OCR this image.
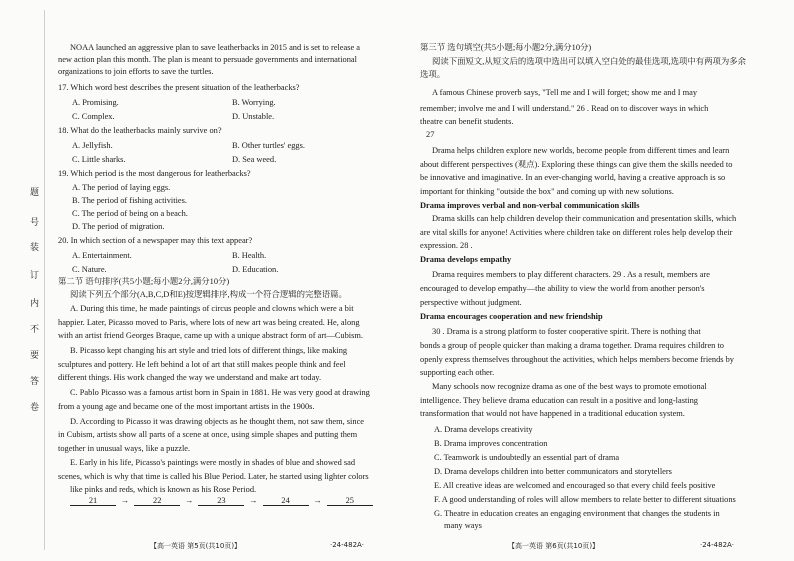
题
号
装
订
内
不
要
答
卷
NOAA launched an aggressive plan to save leatherbacks in 2015 and is set to release a
new action plan this month. The plan is meant to persuade governments and international
organizations to join efforts to save the turtles.
17. Which word best describes the present situation of the leatherbacks?
A. Promising.	B. Worrying.
C. Complex.	D. Unstable.
18. What do the leatherbacks mainly survive on?
A. Jellyfish.	B. Other turtles' eggs.
C. Little sharks.	D. Sea weed.
19. Which period is the most dangerous for leatherbacks?
A. The period of laying eggs.
B. The period of fishing activities.
C. The period of being on a beach.
D. The period of migration.
20. In which section of a newspaper may this text appear?
A. Entertainment.	B. Health.
C. Nature.	D. Education.
第二节 语句排序(共5小题;每小题2分,满分10分)
阅读下列五个部分(A,B,C,D和E)按逻辑排序,构成一个符合逻辑的完整语篇。
A. During this time, he made paintings of circus people and clowns which were a bit
happier. Later, Picasso moved to Paris, where lots of new art was being created. He, along
with an artist friend Georges Braque, came up with a unique abstract form of art—Cubism.
B. Picasso kept changing his art style and tried lots of different things, like making
sculptures and pottery. He left behind a lot of art that still makes people think and feel
different things. His work changed the way we understand and make art today.
C. Pablo Picasso was a famous artist born in Spain in 1881. He was very good at drawing
from a young age and became one of the most important artists in the 1900s.
D. According to Picasso it was drawing objects as he thought them, not saw them, since
in Cubism, artists show all parts of a scene at once, using simple shapes and putting them
together in unusual ways, like a puzzle.
E. Early in his life, Picasso's paintings were mostly in shades of blue and showed sad
scenes, which is why that time is called his Blue Period. Later, he started using lighter colors
like pinks and reds, which is known as his Rose Period.
21	→	22	→	23	→	24	→	25
【高一英语 第5页(共10页)】	·24-482A·
第三节 选句填空(共5小题;每小题2分,满分10分)
阅读下面短文,从短文后的选项中选出可以填入空白处的最佳选项,选项中有两项为多余
选项。
A famous Chinese proverb says, "Tell me and I will forget; show me and I may
remember; involve me and I will understand." 26 . Read on to discover ways in which
theatre can benefit students.
27
Drama helps children explore new worlds, become people from different times and learn
about different perspectives (观点). Exploring these things can give them the skills needed to
be innovative and imaginative. In an ever-changing world, having a creative approach is so
important for thinking "outside the box" and coming up with new solutions.
Drama improves verbal and non-verbal communication skills
Drama skills can help children develop their communication and presentation skills, which
are vital skills for anyone! Activities where children take on different roles help develop their
expression. 28 .
Drama develops empathy
Drama requires members to play different characters. 29 . As a result, members are
encouraged to develop empathy—the ability to view the world from another person's
perspective without judgment.
Drama encourages cooperation and new friendship
30 . Drama is a strong platform to foster cooperative spirit. There is nothing that
bonds a group of people quicker than making a drama together. Drama requires children to
openly express themselves throughout the activities, which helps members become friends by
supporting each other.
Many schools now recognize drama as one of the best ways to promote emotional
intelligence. They believe drama education can result in a positive and long-lasting
transformation that would not have happened in a traditional education system.
A. Drama develops creativity
B. Drama improves concentration
C. Teamwork is undoubtedly an essential part of drama
D. Drama develops children into better communicators and storytellers
E. All creative ideas are welcomed and encouraged so that every child feels positive
F. A good understanding of roles will allow members to relate better to different situations
G. Theatre in education creates an engaging environment that changes the students in
many ways
【高一英语 第6页(共10页)】	·24-482A·
